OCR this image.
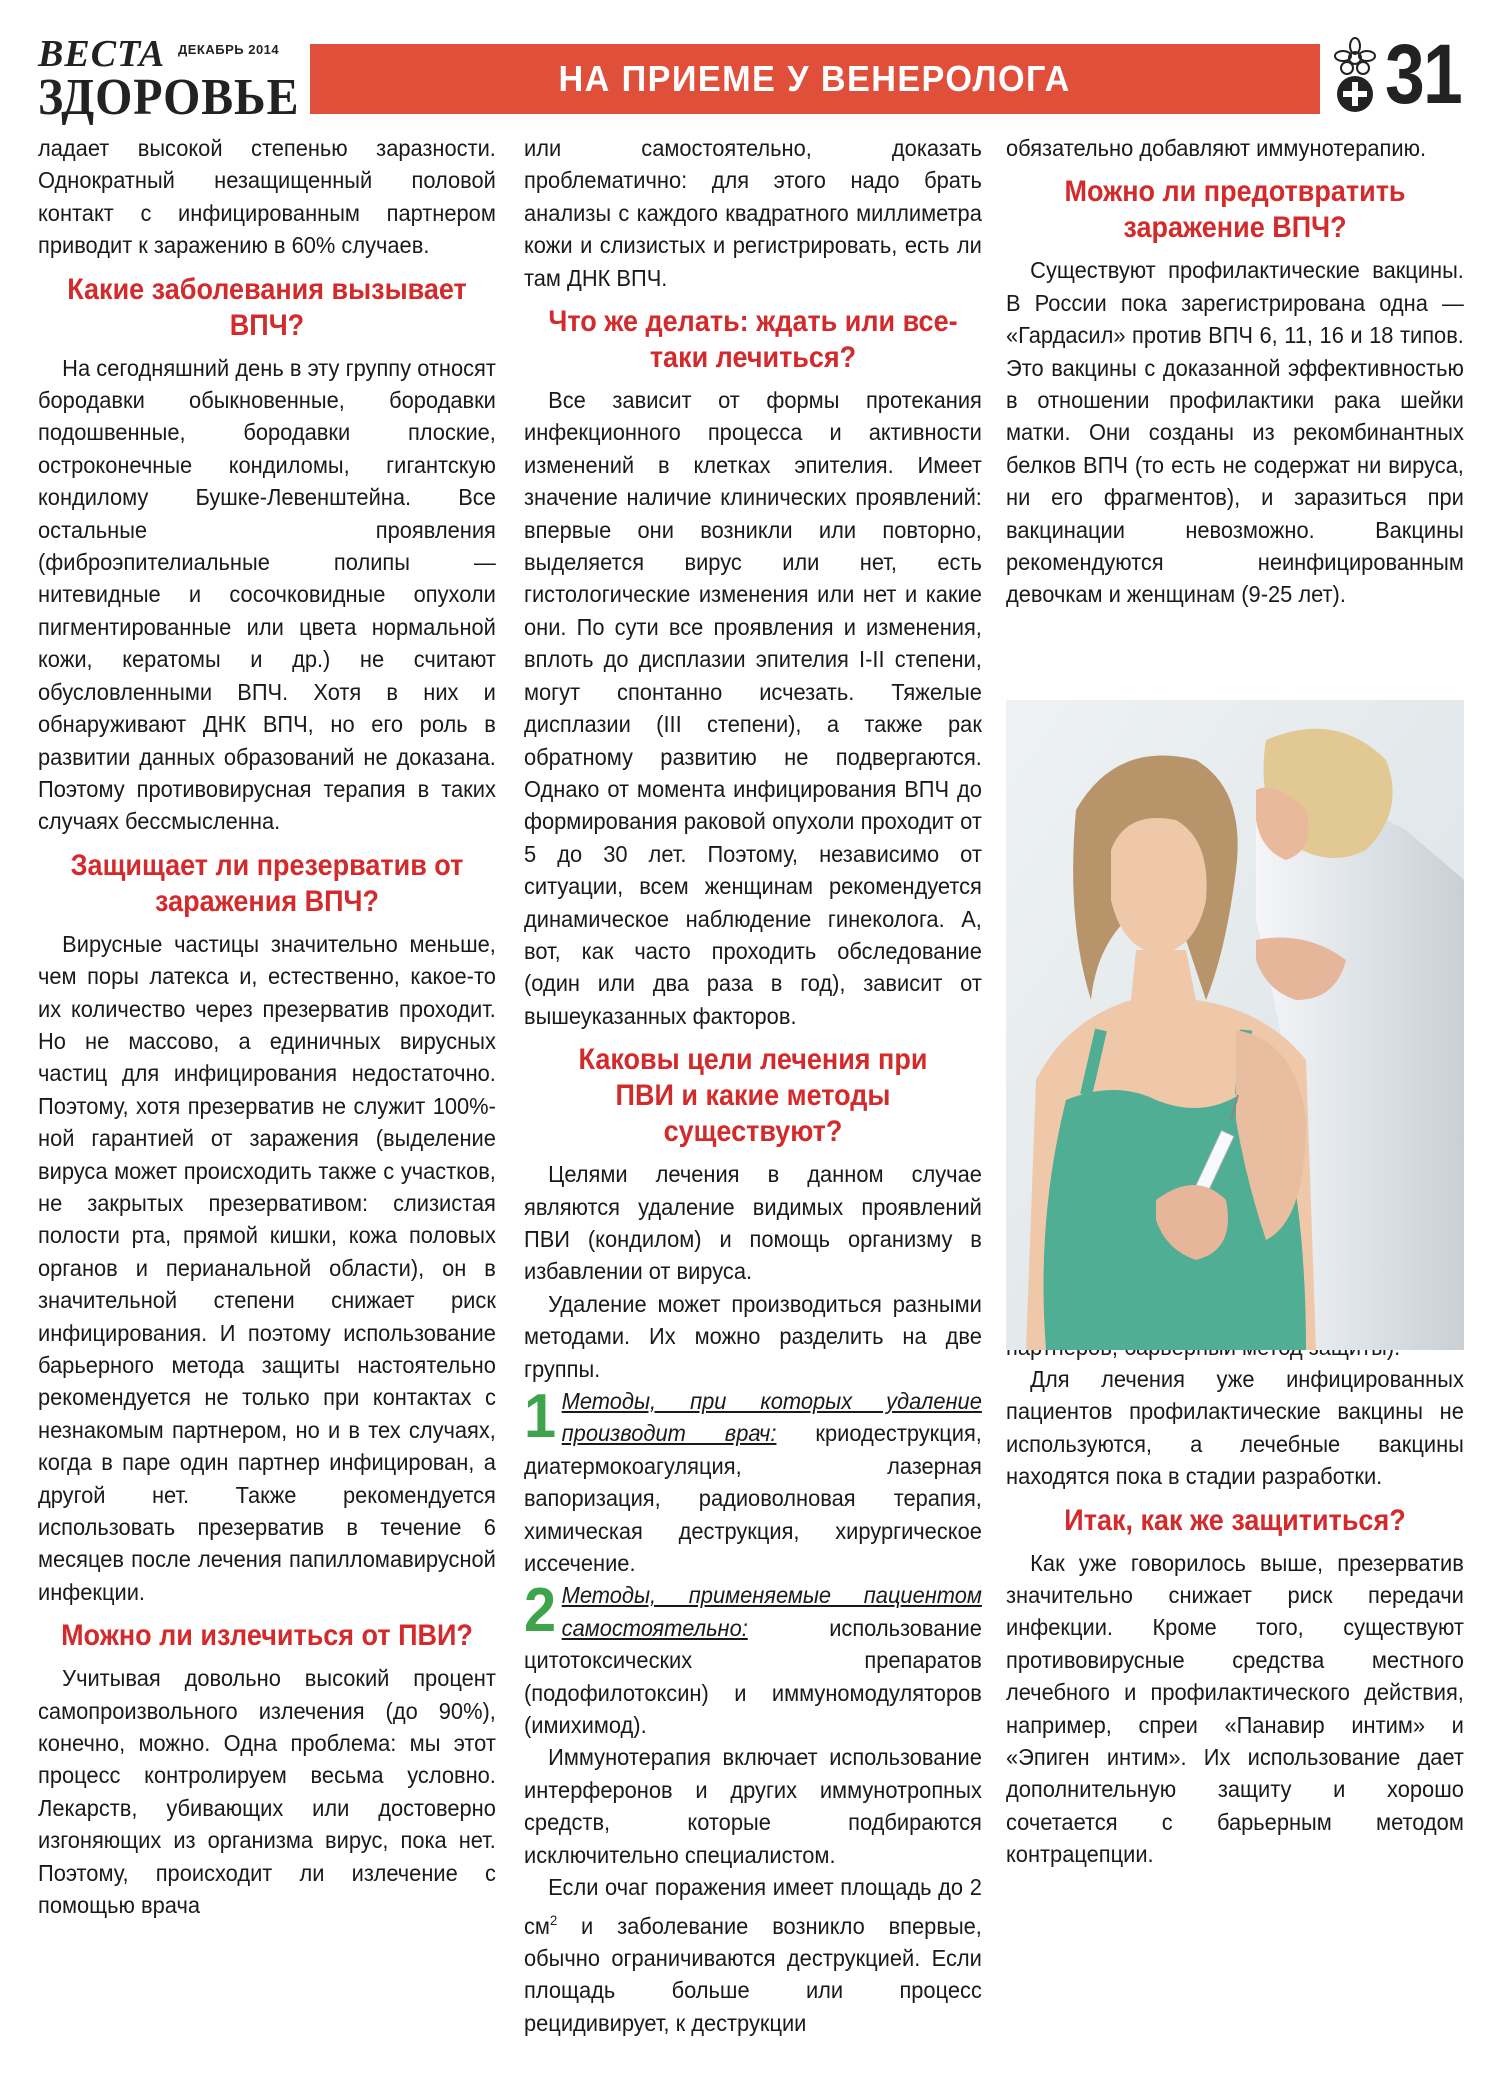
ВЕСТА ДЕКАБРЬ 2014
ЗДОРОВЬЕ	НА ПРИЕМЕ У ВЕНЕРОЛОГА	31

ладает высокой степенью заразности. Однократный незащищенный половой контакт с инфицированным партнером приводит к заражению в 60% случаев.

Какие заболевания вызывает ВПЧ?

На сегодняшний день в эту группу относят бородавки обыкновенные, бородавки подошвенные, бородавки плоские, остроконечные кондиломы, гигантскую кондилому Бушке-Левенштейна. Все остальные проявления (фиброэпителиальные полипы — нитевидные и сосочковидные опухоли пигментированные или цвета нормальной кожи, кератомы и др.) не считают обусловленными ВПЧ. Хотя в них и обнаруживают ДНК ВПЧ, но его роль в развитии данных образований не доказана. Поэтому противовирусная терапия в таких случаях бессмысленна.

Защищает ли презерватив от заражения ВПЧ?

Вирусные частицы значительно меньше, чем поры латекса и, естественно, какое-то их количество через презерватив проходит. Но не массово, а единичных вирусных частиц для инфицирования недостаточно. Поэтому, хотя презерватив не служит 100%-ной гарантией от заражения (выделение вируса может происходить также с участков, не закрытых презервативом: слизистая полости рта, прямой кишки, кожа половых органов и перианальной области), он в значительной степени снижает риск инфицирования. И поэтому использование барьерного метода защиты настоятельно рекомендуется не только при контактах с незнакомым партнером, но и в тех случаях, когда в паре один партнер инфицирован, а другой нет. Также рекомендуется использовать презерватив в течение 6 месяцев после лечения папилломавирусной инфекции.

Можно ли излечиться от ПВИ?

Учитывая довольно высокий процент самопроизвольного излечения (до 90%), конечно, можно. Одна проблема: мы этот процесс контролируем весьма условно. Лекарств, убивающих или достоверно изгоняющих из организма вирус, пока нет. Поэтому, происходит ли излечение с помощью врача

или самостоятельно, доказать проблематично: для этого надо брать анализы с каждого квадратного миллиметра кожи и слизистых и регистрировать, есть ли там ДНК ВПЧ.

Что же делать: ждать или все-таки лечиться?

Все зависит от формы протекания инфекционного процесса и активности изменений в клетках эпителия. Имеет значение наличие клинических проявлений: впервые они возникли или повторно, выделяется вирус или нет, есть гистологические изменения или нет и какие они. По сути все проявления и изменения, вплоть до дисплазии эпителия I-II степени, могут спонтанно исчезать. Тяжелые дисплазии (III степени), а также рак обратному развитию не подвергаются. Однако от момента инфицирования ВПЧ до формирования раковой опухоли проходит от 5 до 30 лет. Поэтому, независимо от ситуации, всем женщинам рекомендуется динамическое наблюдение гинеколога. А, вот, как часто проходить обследование (один или два раза в год), зависит от вышеуказанных факторов.

Каковы цели лечения при ПВИ и какие методы существуют?

Целями лечения в данном случае являются удаление видимых проявлений ПВИ (кондилом) и помощь организму в избавлении от вируса.

Удаление может производиться разными методами. Их можно разделить на две группы.

1 Методы, при которых удаление производит врач: криодеструкция, диатермокоагуляция, лазерная вапоризация, радиоволновая терапия, химическая деструкция, хирургическое иссечение.
2 Методы, применяемые пациентом самостоятельно: использование цитотоксических препаратов (подофилотоксин) и иммуномодуляторов (имихимод).

Иммунотерапия включает использование интерферонов и других иммунотропных средств, которые подбираются исключительно специалистом.

Если очаг поражения имеет площадь до 2 $см^2$ и заболевание возникло впервые, обычно ограничиваются деструкцией. Если площадь больше или процесс рецидивирует, к деструкции

обязательно добавляют иммунотерапию.

Можно ли предотвратить заражение ВПЧ?

Существуют профилактические вакцины. В России пока зарегистрирована одна — «Гардасил» против ВПЧ 6, 11, 16 и 18 типов. Это вакцины с доказанной эффективностью в отношении профилактики рака шейки матки. Они созданы из рекомбинантных белков ВПЧ (то есть не содержат ни вируса, ни его фрагментов), и заразиться при вакцинации невозможно. Вакцины рекомендуются неинфицированным девочкам и женщинам (9-25 лет).

Для лечения уже инфицированных пациентов профилактические вакцины не используются, а лечебные вакцины находятся пока в стадии разработки.

Итак, как же защититься?

Как уже говорилось выше, презерватив значительно снижает риск передачи инфекции. Кроме того, существуют противовирусные средства местного лечебного и профилактического действия, например, спреи «Панавир интим» и «Эпиген интим». Их использование дает дополнительную защиту и хорошо сочетается с барьерным методом контрацепции.
